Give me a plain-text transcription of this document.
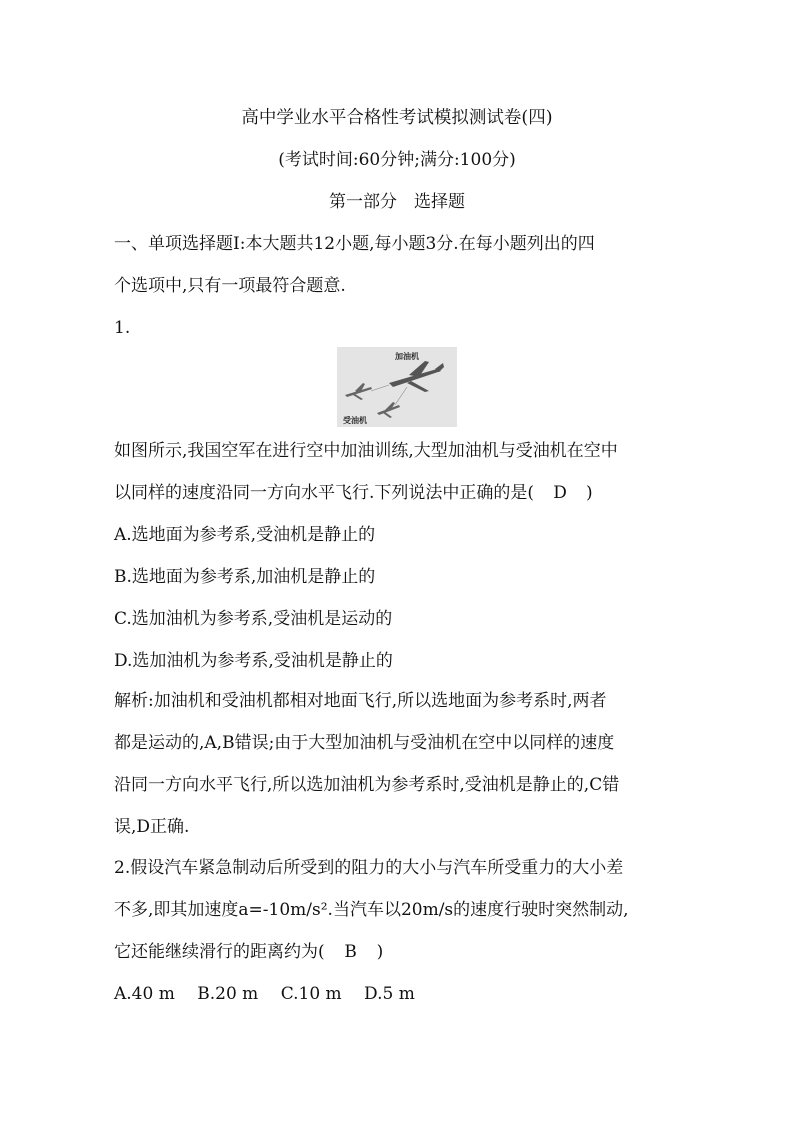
高中学业水平合格性考试模拟测试卷(四)
(考试时间:60分钟;满分:100分)
第一部分　选择题
一、单项选择题Ⅰ:本大题共12小题,每小题3分.在每小题列出的四
个选项中,只有一项最符合题意.
1.
加油机
受油机
如图所示,我国空军在进行空中加油训练,大型加油机与受油机在空中
以同样的速度沿同一方向水平飞行.下列说法中正确的是( D )
A.选地面为参考系,受油机是静止的
B.选地面为参考系,加油机是静止的
C.选加油机为参考系,受油机是运动的
D.选加油机为参考系,受油机是静止的
解析:加油机和受油机都相对地面飞行,所以选地面为参考系时,两者
都是运动的,A,B错误;由于大型加油机与受油机在空中以同样的速度
沿同一方向水平飞行,所以选加油机为参考系时,受油机是静止的,C错
误,D正确.
2.假设汽车紧急制动后所受到的阻力的大小与汽车所受重力的大小差
不多,即其加速度a=-10m/s².当汽车以20m/s的速度行驶时突然制动,
它还能继续滑行的距离约为( B )
A.40 m　 B.20 m　 C.10 m　 D.5 m
